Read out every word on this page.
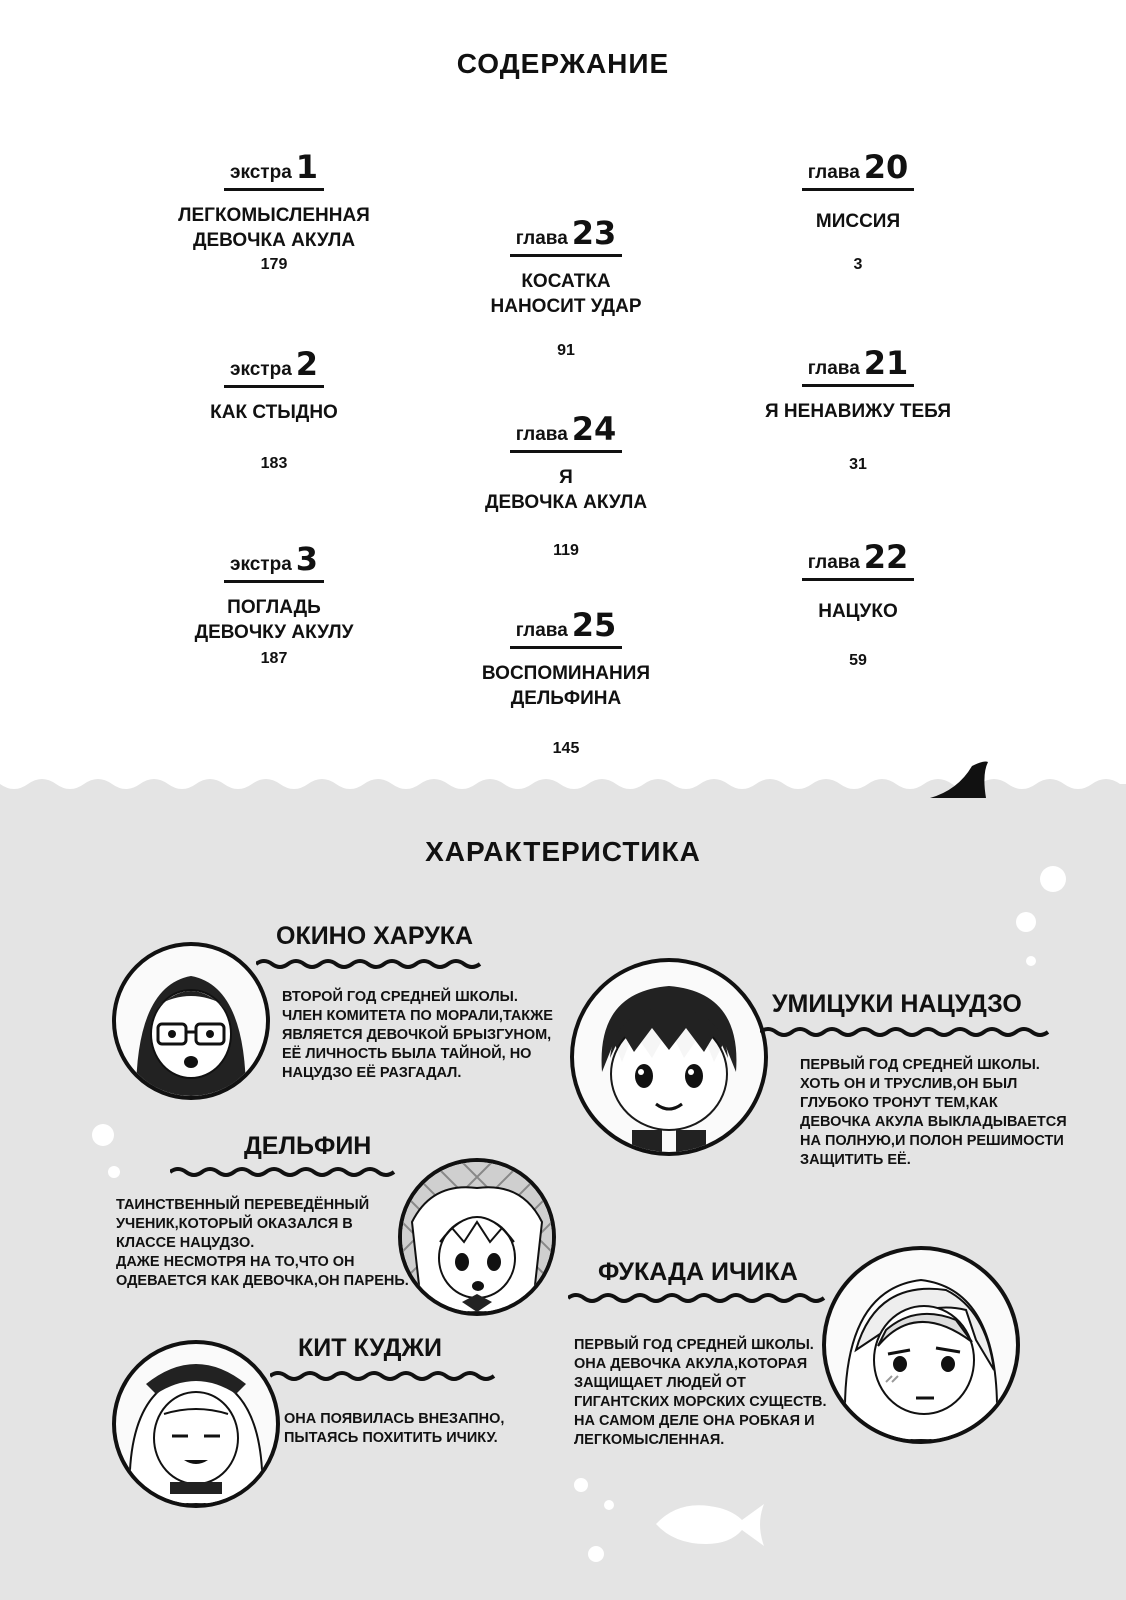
СОДЕРЖАНИЕ
экстра 1
ЛЕГКОМЫСЛЕННАЯ
ДЕВОЧКА АКУЛА
179
экстра 2
КАК СТЫДНО
183
экстра 3
ПОГЛАДЬ
ДЕВОЧКУ АКУЛУ
187
глава 23
КОСАТКА
НАНОСИТ УДАР
91
глава 24
Я
ДЕВОЧКА АКУЛА
119
глава 25
ВОСПОМИНАНИЯ
ДЕЛЬФИНА
145
глава 20
МИССИЯ
3
глава 21
Я НЕНАВИЖУ ТЕБЯ
31
глава 22
НАЦУКО
59
ХАРАКТЕРИСТИКА
ОКИНО ХАРУКА
ВТОРОЙ ГОД СРЕДНЕЙ ШКОЛЫ.
ЧЛЕН КОМИТЕТА ПО МОРАЛИ,ТАКЖЕ
ЯВЛЯЕТСЯ ДЕВОЧКОЙ БРЫЗГУНОМ,
ЕЁ ЛИЧНОСТЬ БЫЛА ТАЙНОЙ, НО
НАЦУДЗО ЕЁ РАЗГАДАЛ.
УМИЦУКИ НАЦУДЗО
ПЕРВЫЙ ГОД СРЕДНЕЙ ШКОЛЫ.
ХОТЬ ОН И ТРУСЛИВ,ОН БЫЛ
ГЛУБОКО ТРОНУТ ТЕМ,КАК
ДЕВОЧКА АКУЛА ВЫКЛАДЫВАЕТСЯ
НА ПОЛНУЮ,И ПОЛОН РЕШИМОСТИ
ЗАЩИТИТЬ ЕЁ.
ДЕЛЬФИН
ТАИНСТВЕННЫЙ ПЕРЕВЕДЁННЫЙ
УЧЕНИК,КОТОРЫЙ ОКАЗАЛСЯ В
КЛАССЕ НАЦУДЗО.
ДАЖЕ НЕСМОТРЯ НА ТО,ЧТО ОН
ОДЕВАЕТСЯ КАК ДЕВОЧКА,ОН ПАРЕНЬ.	ФУКАДА ИЧИКА
ПЕРВЫЙ ГОД СРЕДНЕЙ ШКОЛЫ.
ОНА ДЕВОЧКА АКУЛА,КОТОРАЯ
ЗАЩИЩАЕТ ЛЮДЕЙ ОТ
ГИГАНТСКИХ МОРСКИХ СУЩЕСТВ.
НА САМОМ ДЕЛЕ ОНА РОБКАЯ И
ЛЕГКОМЫСЛЕННАЯ.
КИТ КУДЖИ
ОНА ПОЯВИЛАСЬ ВНЕЗАПНО,
ПЫТАЯСЬ ПОХИТИТЬ ИЧИКУ.
